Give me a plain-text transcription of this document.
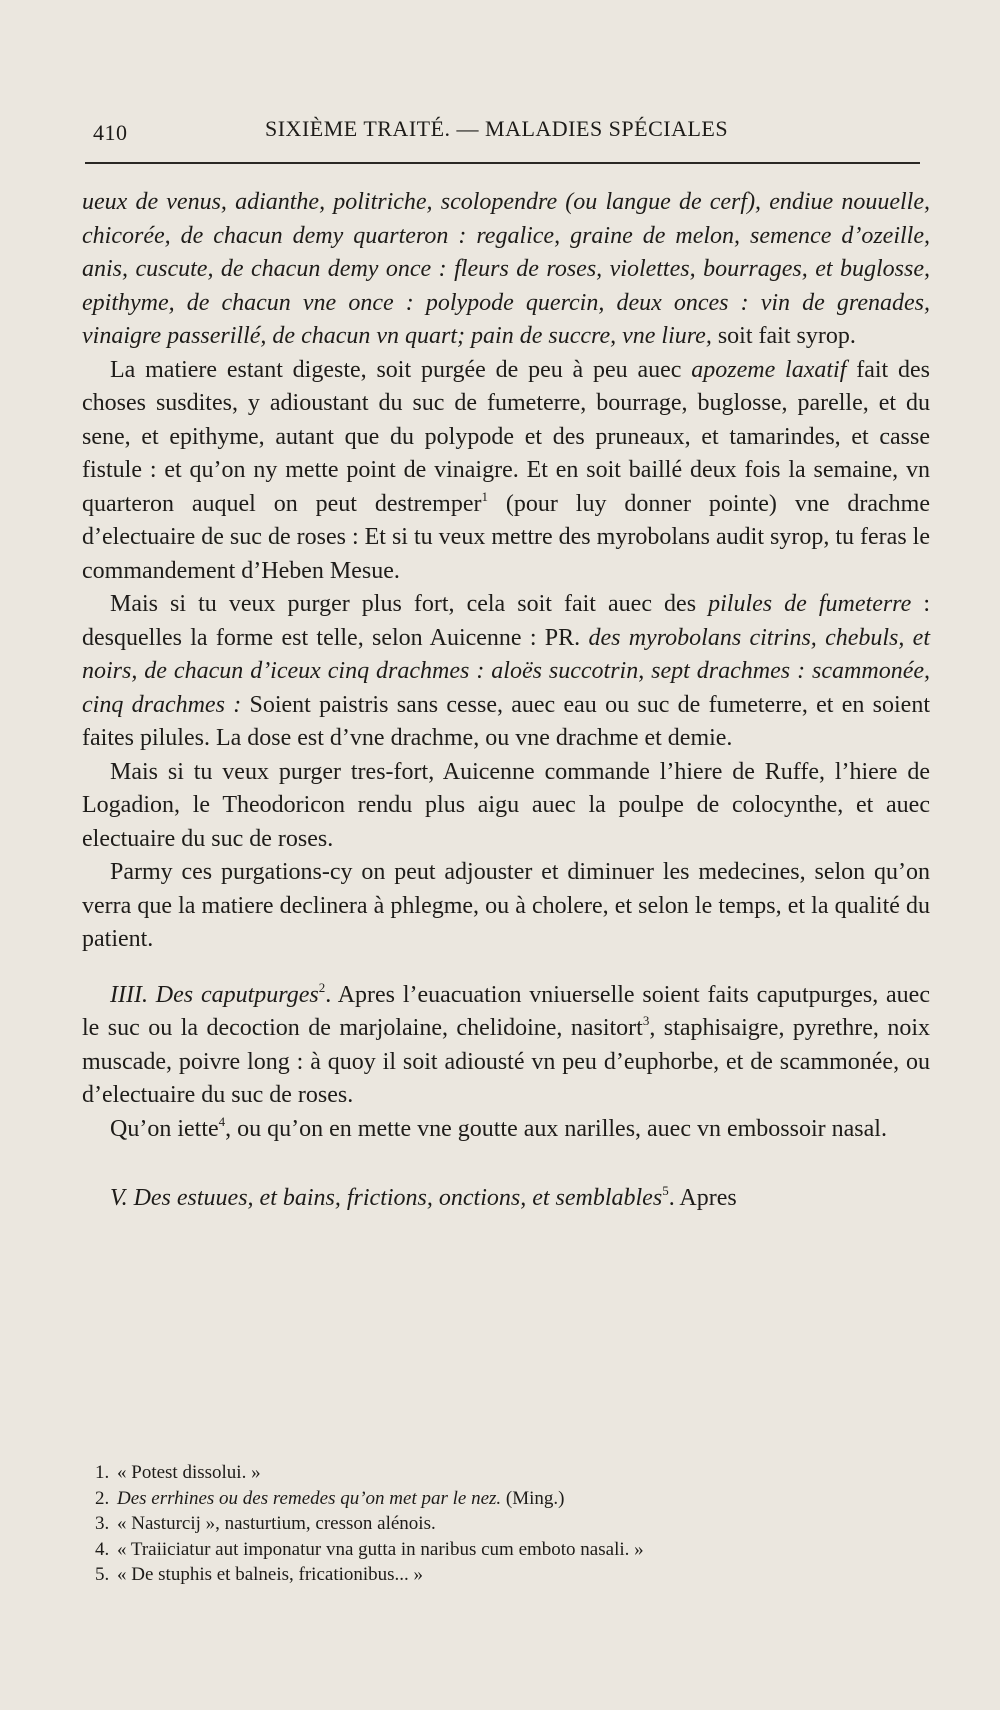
410	SIXIÈME TRAITÉ. — MALADIES SPÉCIALES

ueux de venus, adianthe, politriche, scolopendre (ou langue de cerf), endiue nouuelle, chicorée, de chacun demy quarteron : regalice, graine de melon, semence d’ozeille, anis, cuscute, de chacun demy once : fleurs de roses, violettes, bourrages, et buglosse, epithyme, de chacun vne once : polypode quercin, deux onces : vin de grenades, vinaigre passerillé, de chacun vn quart; pain de succre, vne liure, soit fait syrop.

La matiere estant digeste, soit purgée de peu à peu auec apozeme laxatif fait des choses susdites, y adioustant du suc de fumeterre, bourrage, buglosse, parelle, et du sene, et epithyme, autant que du polypode et des pruneaux, et tamarindes, et casse fistule : et qu’on ny mette point de vinaigre. Et en soit baillé deux fois la semaine, vn quarteron auquel on peut destremper$^1$ (pour luy donner pointe) vne drachme d’electuaire de suc de roses : Et si tu veux mettre des myrobolans audit syrop, tu feras le commandement d’Heben Mesue.

Mais si tu veux purger plus fort, cela soit fait auec des pilules de fumeterre : desquelles la forme est telle, selon Auicenne : PR. des myrobolans citrins, chebuls, et noirs, de chacun d’iceux cinq drachmes : aloës succotrin, sept drachmes : scammonée, cinq drachmes : Soient paistris sans cesse, auec eau ou suc de fumeterre, et en soient faites pilules. La dose est d’vne drachme, ou vne drachme et demie.

Mais si tu veux purger tres-fort, Auicenne commande l’hiere de Ruffe, l’hiere de Logadion, le Theodoricon rendu plus aigu auec la poulpe de colocynthe, et auec electuaire du suc de roses.

Parmy ces purgations-cy on peut adjouster et diminuer les medecines, selon qu’on verra que la matiere declinera à phlegme, ou à cholere, et selon le temps, et la qualité du patient.

IIII. Des caputpurges$^2$. Apres l’euacuation vniuerselle soient faits caputpurges, auec le suc ou la decoction de marjolaine, chelidoine, nasitort$^3$, staphisaigre, pyrethre, noix muscade, poivre long : à quoy il soit adiousté vn peu d’euphorbe, et de scammonée, ou d’electuaire du suc de roses.

Qu’on iette$^4$, ou qu’on en mette vne goutte aux narilles, auec vn embossoir nasal.

V. Des estuues, et bains, frictions, onctions, et semblables$^5$. Apres

1. « Potest dissolui. »
2. Des errhines ou des remedes qu’on met par le nez. (Ming.)
3. « Nasturcij », nasturtium, cresson alénois.
4. « Traiiciatur aut imponatur vna gutta in naribus cum emboto nasali. »
5. « De stuphis et balneis, fricationibus... »
